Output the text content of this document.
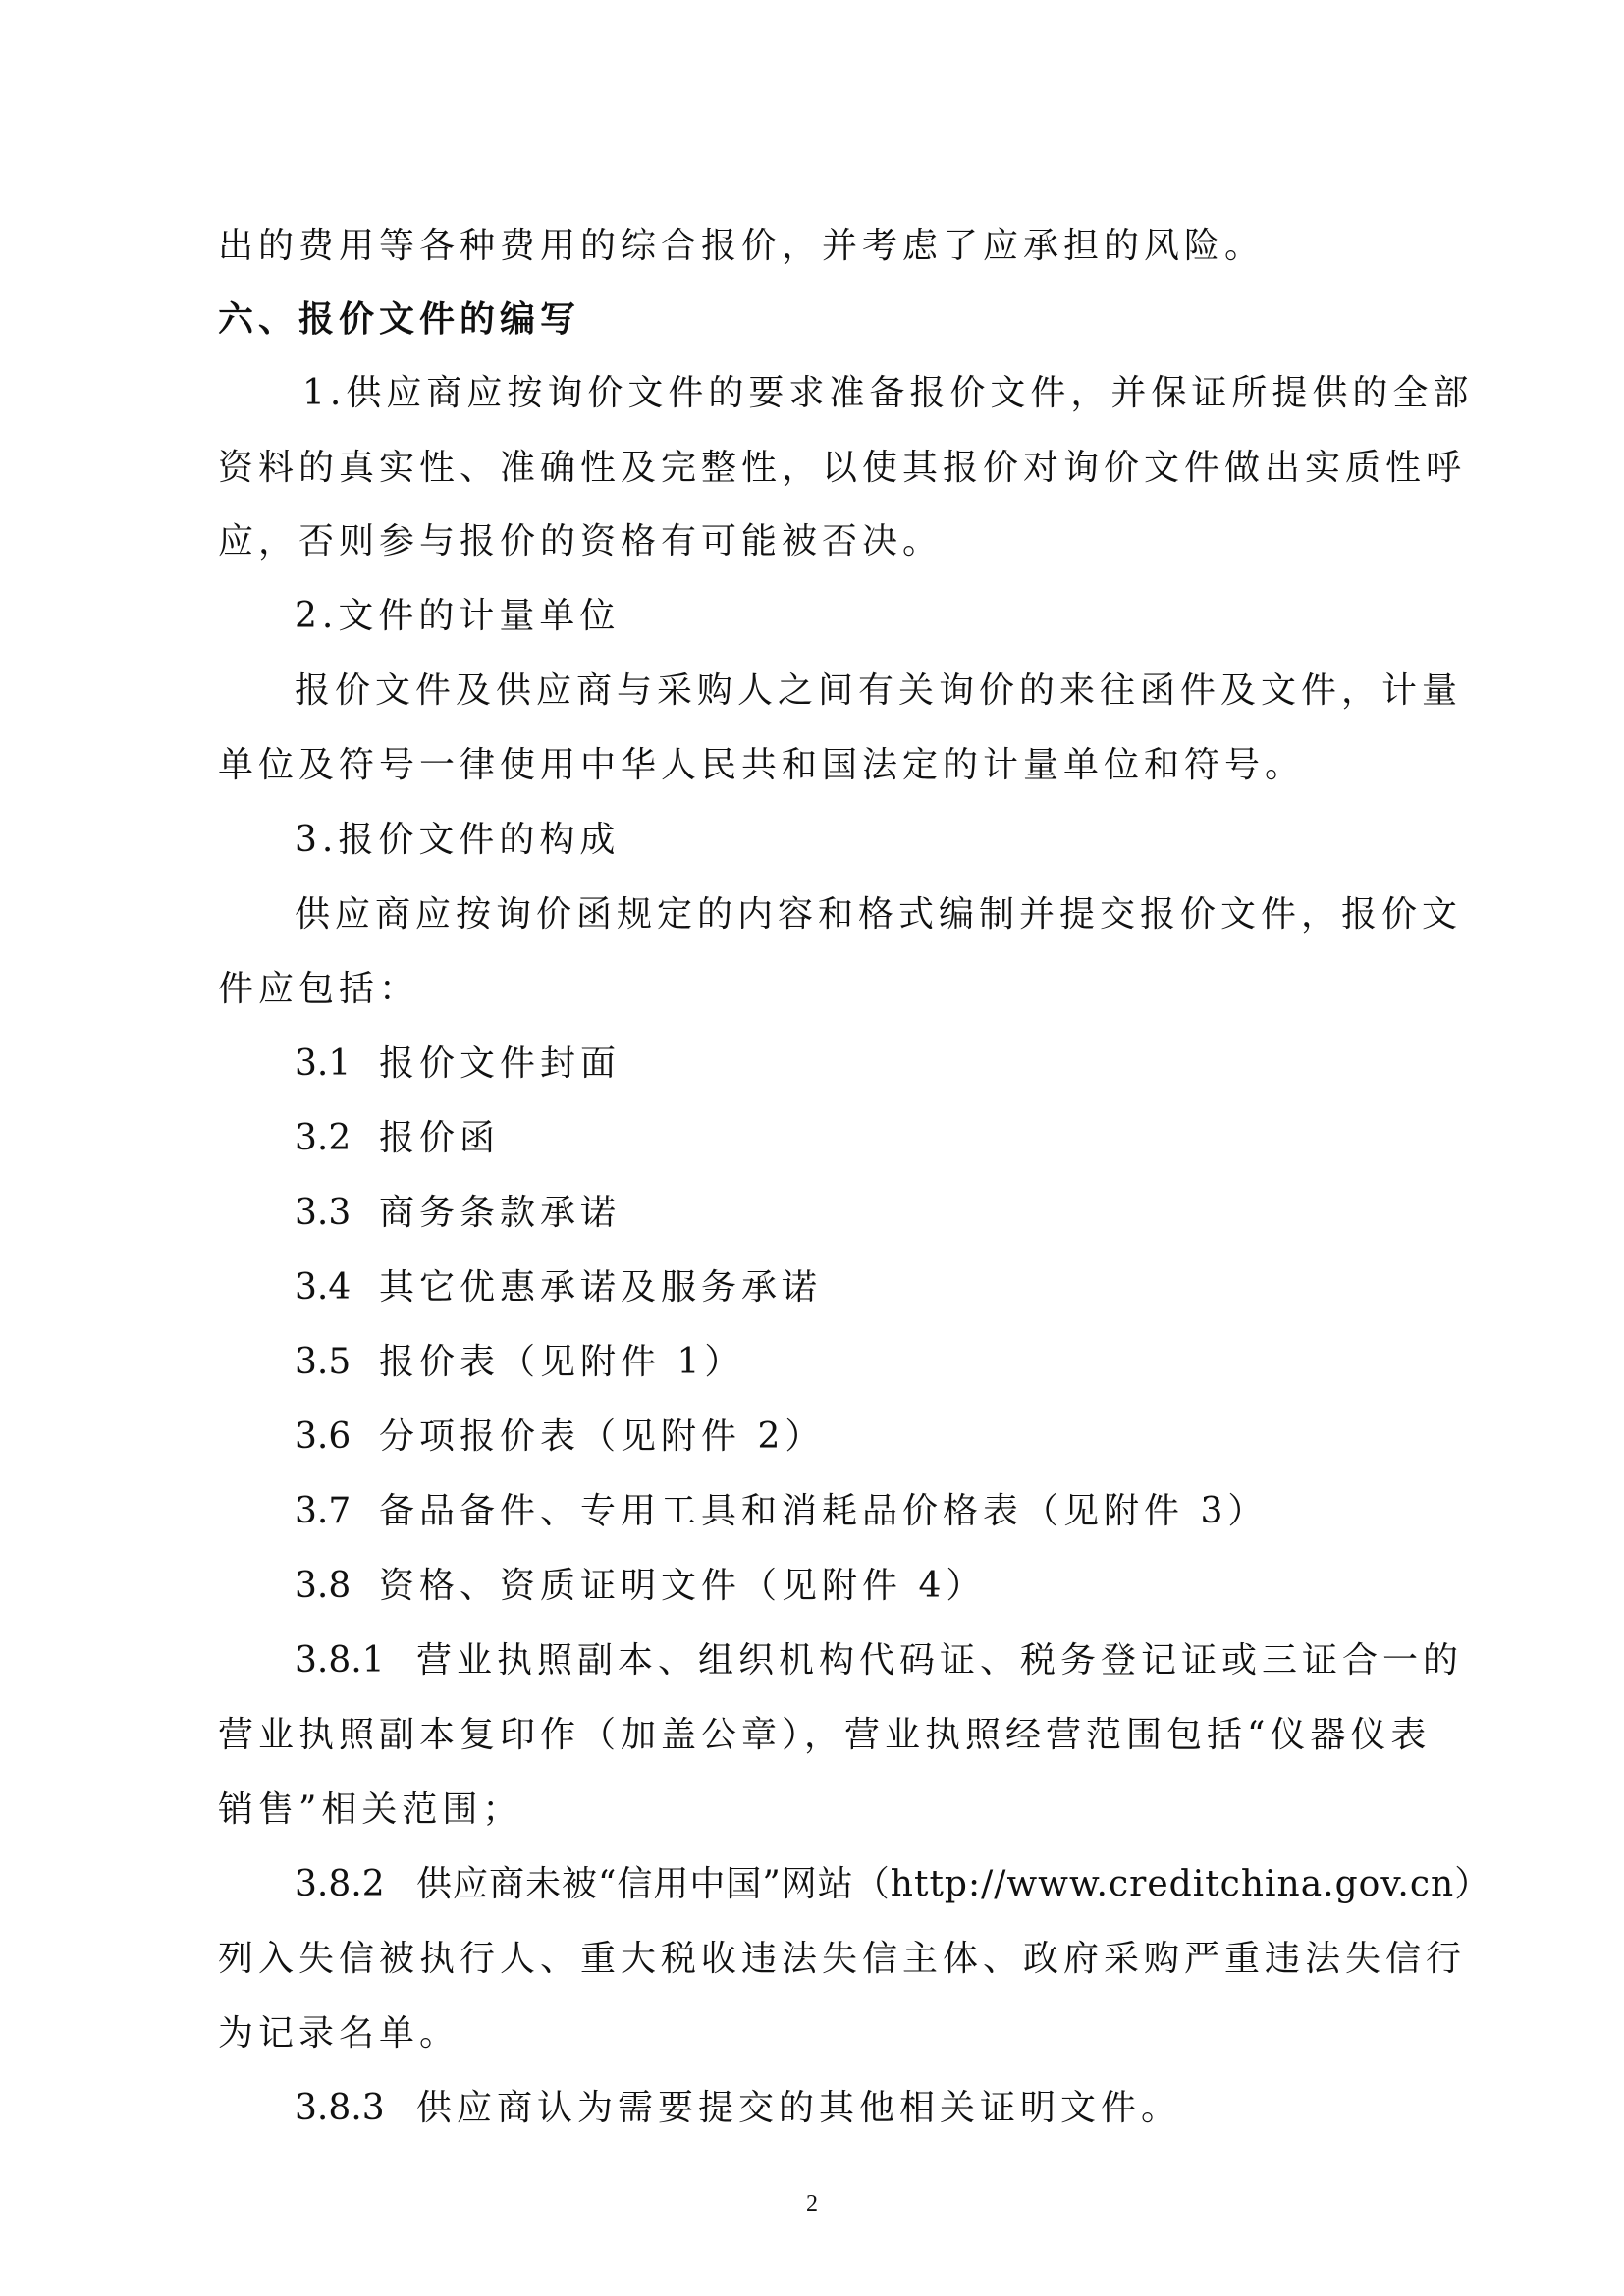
出的费用等各种费用的综合报价，并考虑了应承担的风险。
六、报价文件的编写
1.供应商应按询价文件的要求准备报价文件，并保证所提供的全部
资料的真实性、准确性及完整性，以使其报价对询价文件做出实质性呼
应，否则参与报价的资格有可能被否决。
2.文件的计量单位
报价文件及供应商与采购人之间有关询价的来往函件及文件，计量
单位及符号一律使用中华人民共和国法定的计量单位和符号。
3.报价文件的构成
供应商应按询价函规定的内容和格式编制并提交报价文件，报价文
件应包括：
3.1 报价文件封面
3.2 报价函
3.3 商务条款承诺
3.4 其它优惠承诺及服务承诺
3.5 报价表（见附件 1）
3.6 分项报价表（见附件 2）
3.7 备品备件、专用工具和消耗品价格表（见附件 3）
3.8 资格、资质证明文件（见附件 4）
3.8.1 营业执照副本、组织机构代码证、税务登记证或三证合一的
营业执照副本复印作（加盖公章），营业执照经营范围包括“仪器仪表
销售”相关范围；
3.8.2 供应商未被“信用中国”网站（http://www.creditchina.gov.cn）
列入失信被执行人、重大税收违法失信主体、政府采购严重违法失信行
为记录名单。
3.8.3 供应商认为需要提交的其他相关证明文件。
2
